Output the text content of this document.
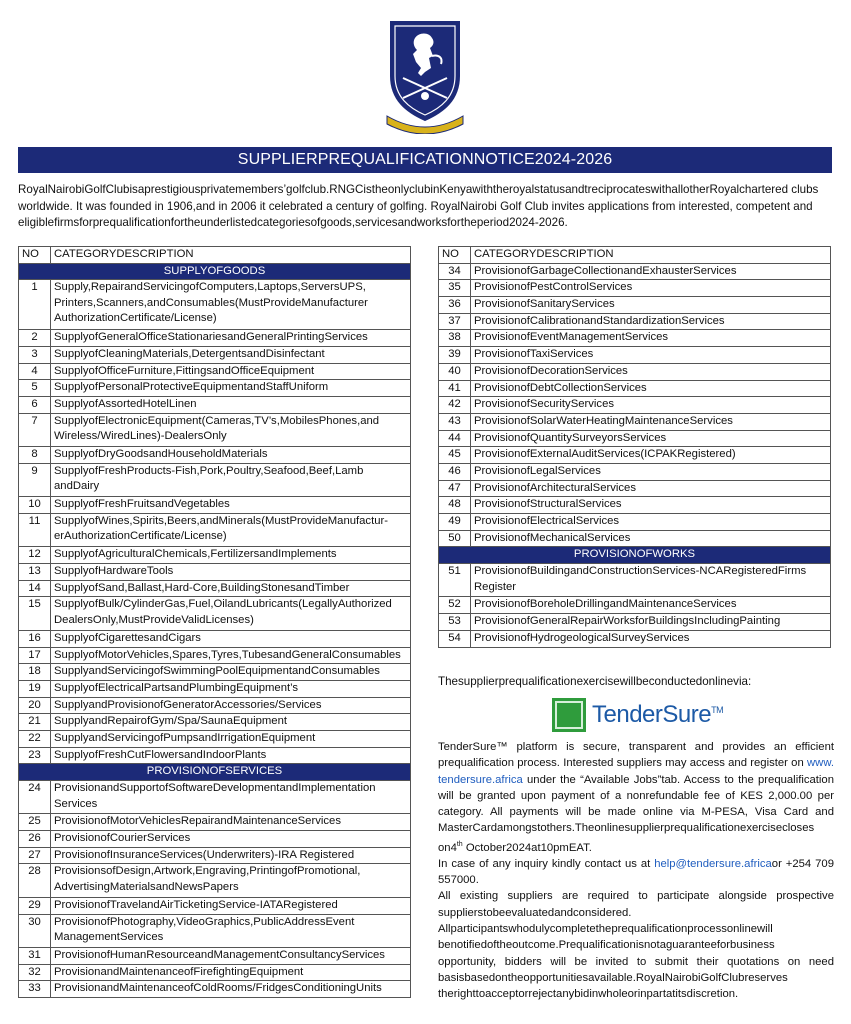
SUPPLIERPREQUALIFICATIONNOTICE2024-2026
RoyalNairobiGolfClubisaprestigiousprivatemembers’golfclub.RNGCistheonlyclubinKenyawiththeroyalstatusandtreciprocateswithallotherRoyalchartered clubs worldwide. It was founded in 1906,and in 2006 it celebrated a century of golfing. RoyalNairobi Golf Club invites applications from interested, competent and eligiblefirmsforprequalificationfortheunderlistedcategoriesofgoods,servicesandworksfortheperiod2024-2026.
NO	CATEGORYDESCRIPTION
SUPPLYOFGOODS	
1	Supply,RepairandServicingofComputers,Laptops,ServersUPS, Printers,Scanners,andConsumables(MustProvideManufacturer AuthorizationCertificate/License)
2	SupplyofGeneralOfficeStationariesandGeneralPrintingServices
3	SupplyofCleaningMaterials,DetergentsandDisinfectant
4	SupplyofOfficeFurniture,FittingsandOfficeEquipment
5	SupplyofPersonalProtectiveEquipmentandStaffUniform
6	SupplyofAssortedHotelLinen
7	SupplyofElectronicEquipment(Cameras,TV’s,MobilesPhones,and Wireless/WiredLines)-DealersOnly
8	SupplyofDryGoodsandHouseholdMaterials
9	SupplyofFreshProducts-Fish,Pork,Poultry,Seafood,Beef,Lamb andDairy
10	SupplyofFreshFruitsandVegetables
11	SupplyofWines,Spirits,Beers,andMinerals(MustProvideManufactur- erAuthorizationCertificate/License)
12	SupplyofAgriculturalChemicals,FertilizersandImplements
13	SupplyofHardwareTools
14	SupplyofSand,Ballast,Hard-Core,BuildingStonesandTimber
15	SupplyofBulk/CylinderGas,Fuel,OilandLubricants(LegallyAuthorized DealersOnly,MustProvideValidLicenses)
16	SupplyofCigarettesandCigars
17	SupplyofMotorVehicles,Spares,Tyres,TubesandGeneralConsumables
18	SupplyandServicingofSwimmingPoolEquipmentandConsumables
19	SupplyofElectricalPartsandPlumbingEquipment’s
20	SupplyandProvisionofGeneratorAccessories/Services
21	SupplyandRepairofGym/Spa/SaunaEquipment
22	SupplyandServicingofPumpsandIrrigationEquipment
23	SupplyofFreshCutFlowersandIndoorPlants
PROVISIONOFSERVICES	
24	ProvisionandSupportofSoftwareDevelopmentandImplementation Services
25	ProvisionofMotorVehiclesRepairandMaintenanceServices
26	ProvisionofCourierServices
27	ProvisionofInsuranceServices(Underwriters)-IRA Registered
28	ProvisionsofDesign,Artwork,Engraving,PrintingofPromotional, AdvertisingMaterialsandNewsPapers
29	ProvisionofTravelandAirTicketingService-IATARegistered
30	ProvisionofPhotography,VideoGraphics,PublicAddressEvent ManagementServices
31	ProvisionofHumanResourceandManagementConsultancyServices
32	ProvisionandMaintenanceofFirefightingEquipment
33	ProvisionandMaintenanceofColdRooms/FridgesConditioningUnits
NO	CATEGORYDESCRIPTION
34	ProvisionofGarbageCollectionandExhausterServices
35	ProvisionofPestControlServices
36	ProvisionofSanitaryServices
37	ProvisionofCalibrationandStandardizationServices
38	ProvisionofEventManagementServices
39	ProvisionofTaxiServices
40	ProvisionofDecorationServices
41	ProvisionofDebtCollectionServices
42	ProvisionofSecurityServices
43	ProvisionofSolarWaterHeatingMaintenanceServices
44	ProvisionofQuantitySurveyorsServices
45	ProvisionofExternalAuditServices(ICPAKRegistered)
46	ProvisionofLegalServices
47	ProvisionofArchitecturalServices
48	ProvisionofStructuralServices
49	ProvisionofElectricalServices
50	ProvisionofMechanicalServices
PROVISIONOFWORKS	
51	ProvisionofBuildingandConstructionServices-NCARegisteredFirms Register
52	ProvisionofBoreholeDrillingandMaintenanceServices
53	ProvisionofGeneralRepairWorksforBuildingsIncludingPainting
54	ProvisionofHydrogeologicalSurveyServices
Thesupplierprequalificationexercisewillbeconductedonlinevia:
TenderSure™

TenderSure™ platform is secure, transparent and provides an efficient prequalification process. Interested suppliers may access and register on www. tendersure.africa under the “Available Jobs”tab. Access to the prequalification will be granted upon payment of a nonrefundable fee of KES 2,000.00 per category. All payments will be made online via M-PESA, Visa Card and MasterCardamongstothers.Theonlinesupplierprequalificationexercisecloses on4th October2024at10pmEAT.

In case of any inquiry kindly contact us at help@tendersure.africaor +254 709 557000.

All existing suppliers are required to participate alongside prospective supplierstobeevaluatedandconsidered.

Allparticipantswhodulycompletetheprequalificationprocessonlinewill benotifiedoftheoutcome.Prequalificationisnotaguaranteeforbusiness opportunity, bidders will be invited to submit their quotations on need basisbasedontheopportunitiesavailable.RoyalNairobiGolfClubreserves therighttoacceptorrejectanybidinwholeorinpartatitsdiscretion.
